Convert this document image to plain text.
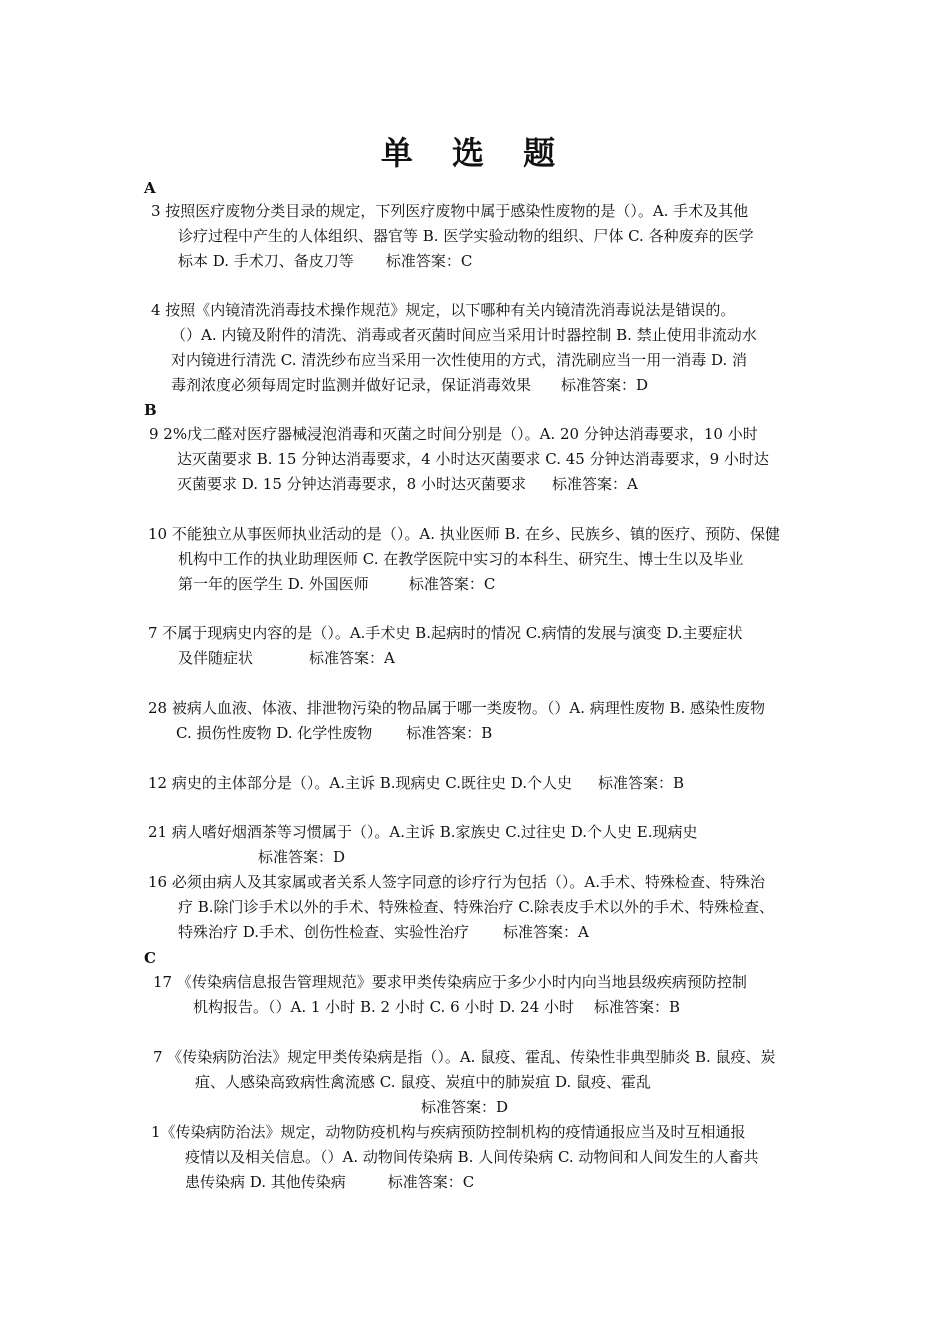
单 选 题
A

3 按照医疗废物分类目录的规定，下列医疗废物中属于感染性废物的是（）。A. 手术及其他

诊疗过程中产生的人体组织、器官等 B. 医学实验动物的组织、尸体 C. 各种废弃的医学

标本 D. 手术刀、备皮刀等 标准答案：C

4 按照《内镜清洗消毒技术操作规范》规定，以下哪种有关内镜清洗消毒说法是错误的。

（）A. 内镜及附件的清洗、消毒或者灭菌时间应当采用计时器控制 B. 禁止使用非流动水

对内镜进行清洗 C. 清洗纱布应当采用一次性使用的方式，清洗刷应当一用一消毒 D. 消

毒剂浓度必须每周定时监测并做好记录，保证消毒效果 标准答案：D

B

9 2%戊二醛对医疗器械浸泡消毒和灭菌之时间分别是（）。A. 20 分钟达消毒要求，10 小时

达灭菌要求 B. 15 分钟达消毒要求，4 小时达灭菌要求 C. 45 分钟达消毒要求，9 小时达

灭菌要求 D. 15 分钟达消毒要求，8 小时达灭菌要求 标准答案：A

10 不能独立从事医师执业活动的是（）。A. 执业医师 B. 在乡、民族乡、镇的医疗、预防、保健

机构中工作的执业助理医师 C. 在教学医院中实习的本科生、研究生、博士生以及毕业

第一年的医学生 D. 外国医师	标准答案：C

7 不属于现病史内容的是（）。A.手术史 B.起病时的情况 C.病情的发展与演变 D.主要症状

及伴随症状	标准答案：A

28 被病人血液、体液、排泄物污染的物品属于哪一类废物。（）A. 病理性废物 B. 感染性废物

C. 损伤性废物 D. 化学性废物 标准答案：B

12 病史的主体部分是（）。A.主诉 B.现病史 C.既往史 D.个人史 标准答案：B

21 病人嗜好烟酒茶等习惯属于（）。A.主诉 B.家族史 C.过往史 D.个人史 E.现病史

标准答案：D

16 必须由病人及其家属或者关系人签字同意的诊疗行为包括（）。A.手术、特殊检查、特殊治

疗 B.除门诊手术以外的手术、特殊检查、特殊治疗 C.除表皮手术以外的手术、特殊检查、

特殊治疗 D.手术、创伤性检查、实验性治疗 标准答案：A

C

17 《传染病信息报告管理规范》要求甲类传染病应于多少小时内向当地县级疾病预防控制

机构报告。（）A. 1 小时 B. 2 小时 C. 6 小时 D. 24 小时 标准答案：B

7 《传染病防治法》规定甲类传染病是指（）。A. 鼠疫、霍乱、传染性非典型肺炎 B. 鼠疫、炭

疽、人感染高致病性禽流感 C. 鼠疫、炭疽中的肺炭疽 D. 鼠疫、霍乱

标准答案：D

1《传染病防治法》规定，动物防疫机构与疾病预防控制机构的疫情通报应当及时互相通报

疫情以及相关信息。（）A. 动物间传染病 B. 人间传染病 C. 动物间和人间发生的人畜共

患传染病 D. 其他传染病	标准答案：C
